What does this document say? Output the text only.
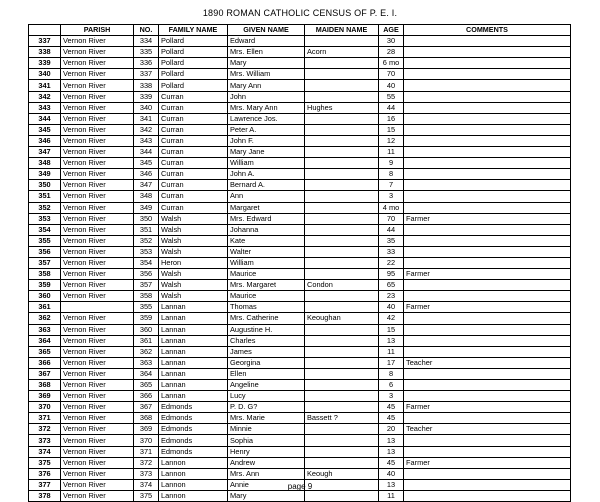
1890 ROMAN CATHOLIC CENSUS OF P. E. I.
	PARISH	NO.	FAMILY NAME	GIVEN NAME	MAIDEN NAME	AGE	COMMENTS
337	Vernon River	334	Pollard	Edward		30	
338	Vernon River	335	Pollard	Mrs. Ellen	Acorn	28	
339	Vernon River	336	Pollard	Mary		6 mo	
340	Vernon River	337	Pollard	Mrs. William		70	
341	Vernon River	338	Pollard	Mary Ann		40	
342	Vernon River	339	Curran	John		55	
343	Vernon River	340	Curran	Mrs. Mary Ann	Hughes	44	
344	Vernon River	341	Curran	Lawrence Jos.		16	
345	Vernon River	342	Curran	Peter A.		15	
346	Vernon River	343	Curran	John F.		12	
347	Vernon River	344	Curran	Mary Jane		11	
348	Vernon River	345	Curran	William		9	
349	Vernon River	346	Curran	John A.		8	
350	Vernon River	347	Curran	Bernard A.		7	
351	Vernon River	348	Curran	Ann		3	
352	Vernon River	349	Curran	Margaret		4 mo	
353	Vernon River	350	Walsh	Mrs. Edward		70	Farmer
354	Vernon River	351	Walsh	Johanna		44	
355	Vernon River	352	Walsh	Kate		35	
356	Vernon River	353	Walsh	Walter		33	
357	Vernon River	354	Heron	William		22	
358	Vernon River	356	Walsh	Maurice		95	Farmer
359	Vernon River	357	Walsh	Mrs. Margaret	Condon	65	
360	Vernon River	358	Walsh	Maurice		23	
361		355	Lannan	Thomas		40	Farmer
362	Vernon River	359	Lannan	Mrs. Catherine	Keoughan	42	
363	Vernon River	360	Lannan	Augustine H.		15	
364	Vernon River	361	Lannan	Charles		13	
365	Vernon River	362	Lannan	James		11	
366	Vernon River	363	Lannan	Georgina		17	Teacher
367	Vernon River	364	Lannan	Ellen		8	
368	Vernon River	365	Lannan	Angeline		6	
369	Vernon River	366	Lannan	Lucy		3	
370	Vernon River	367	Edmonds	P. D. G?		45	Farmer
371	Vernon River	368	Edmonds	Mrs. Marie	Bassett ?	45	
372	Vernon River	369	Edmonds	Minnie		20	Teacher
373	Vernon River	370	Edmonds	Sophia		13	
374	Vernon River	371	Edmonds	Henry		13	
375	Vernon River	372	Lannon	Andrew		45	Farmer
376	Vernon River	373	Lannon	Mrs. Ann	Keough	40	
377	Vernon River	374	Lannon	Annie		13	
378	Vernon River	375	Lannon	Mary		11	
page 9
